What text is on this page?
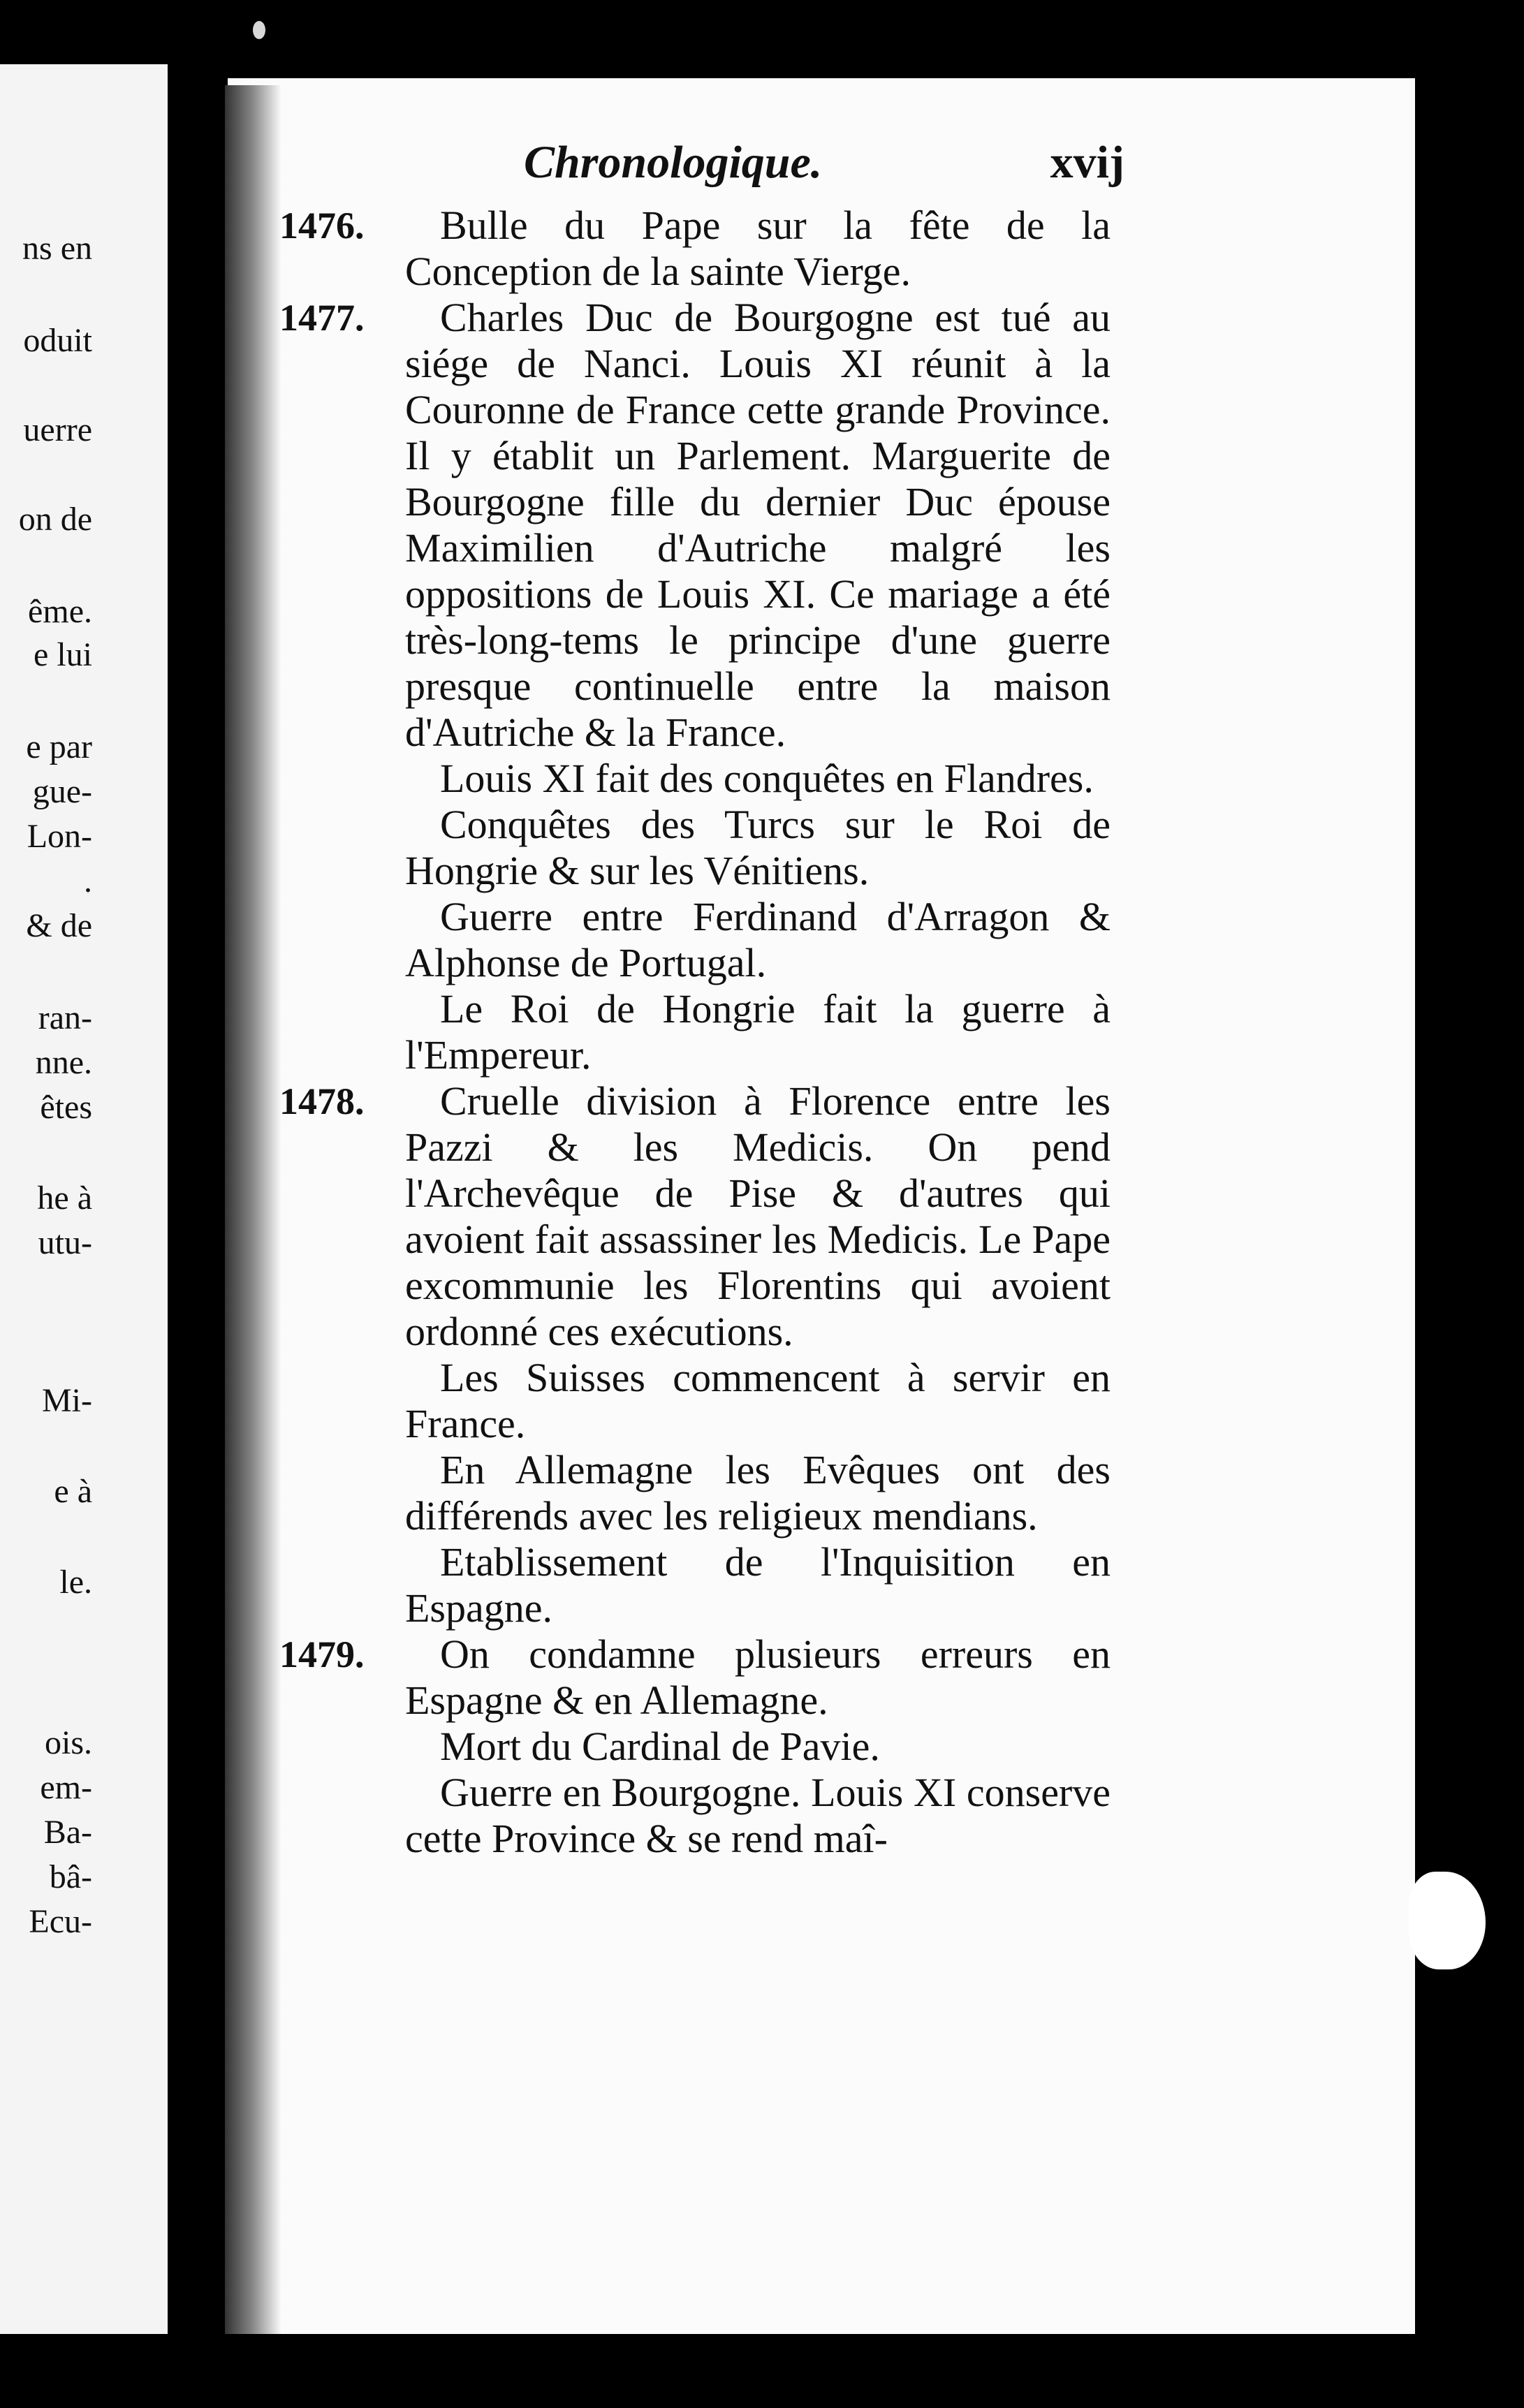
ns en
oduit
uerre
on de
ême.
e lui
e par
gue-
Lon-
.
& de
ran-
nne.
êtes
he à
utu-
Mi-
e à
le.
ois.
em-
Ba-
bâ-
Ecu-
Chronologique.	xvij

1476.	Bulle du Pape sur la fête de la Conception de la sainte Vierge.

1477.	Charles Duc de Bourgogne est tué au siége de Nanci. Louis XI réunit à la Couronne de France cette grande Province. Il y établit un Parlement. Marguerite de Bourgogne fille du dernier Duc épouse Maximilien d'Autriche malgré les oppositions de Louis XI. Ce mariage a été très-long-tems le principe d'une guerre presque continuelle entre la maison d'Autriche & la France.

Louis XI fait des conquêtes en Flandres.

Conquêtes des Turcs sur le Roi de Hongrie & sur les Vénitiens.

Guerre entre Ferdinand d'Arragon & Alphonse de Portugal.

Le Roi de Hongrie fait la guerre à l'Empereur.

1478.	Cruelle division à Florence entre les Pazzi & les Medicis. On pend l'Archevêque de Pise & d'autres qui avoient fait assassiner les Medicis. Le Pape excommunie les Florentins qui avoient ordonné ces exécutions.

Les Suisses commencent à servir en France.

En Allemagne les Evêques ont des différends avec les religieux mendians.

Etablissement de l'Inquisition en Espagne.

1479.	On condamne plusieurs erreurs en Espagne & en Allemagne.

Mort du Cardinal de Pavie.

Guerre en Bourgogne. Louis XI conserve cette Province & se rend maî-
